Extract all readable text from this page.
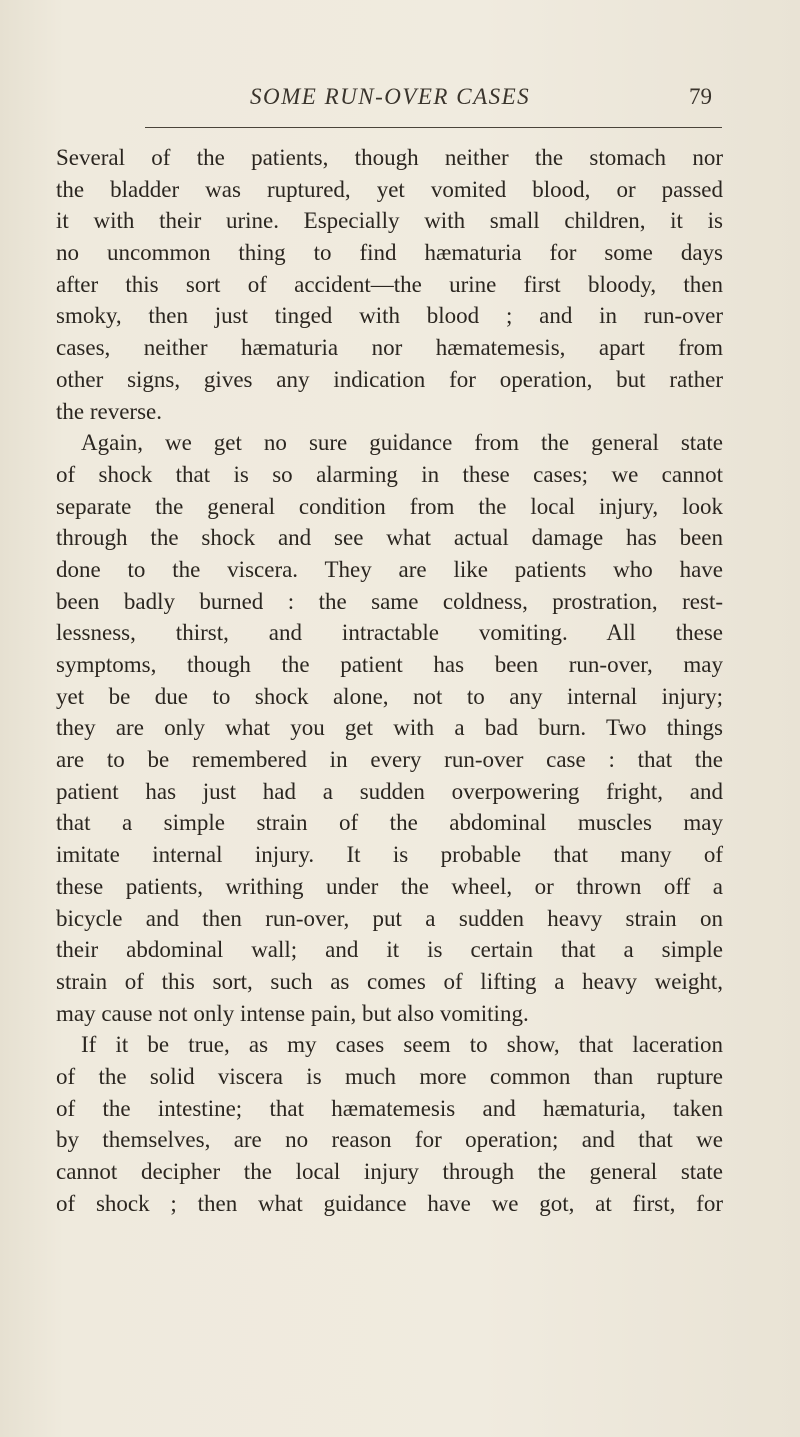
SOME RUN-OVER CASES	79

Several of the patients, though neither the stomach nor
the bladder was ruptured, yet vomited blood, or passed
it with their urine. Especially with small children, it is
no uncommon thing to find hæmaturia for some days
after this sort of accident—the urine first bloody, then
smoky, then just tinged with blood ; and in run-over
cases, neither hæmaturia nor hæmatemesis, apart from
other signs, gives any indication for operation, but rather
the reverse.

Again, we get no sure guidance from the general state
of shock that is so alarming in these cases; we cannot
separate the general condition from the local injury, look
through the shock and see what actual damage has been
done to the viscera. They are like patients who have
been badly burned : the same coldness, prostration, rest-
lessness, thirst, and intractable vomiting. All these
symptoms, though the patient has been run-over, may
yet be due to shock alone, not to any internal injury;
they are only what you get with a bad burn. Two things
are to be remembered in every run-over case : that the
patient has just had a sudden overpowering fright, and
that a simple strain of the abdominal muscles may
imitate internal injury. It is probable that many of
these patients, writhing under the wheel, or thrown off a
bicycle and then run-over, put a sudden heavy strain on
their abdominal wall; and it is certain that a simple
strain of this sort, such as comes of lifting a heavy weight,
may cause not only intense pain, but also vomiting.

If it be true, as my cases seem to show, that laceration
of the solid viscera is much more common than rupture
of the intestine; that hæmatemesis and hæmaturia, taken
by themselves, are no reason for operation; and that we
cannot decipher the local injury through the general state
of shock ; then what guidance have we got, at first, for
